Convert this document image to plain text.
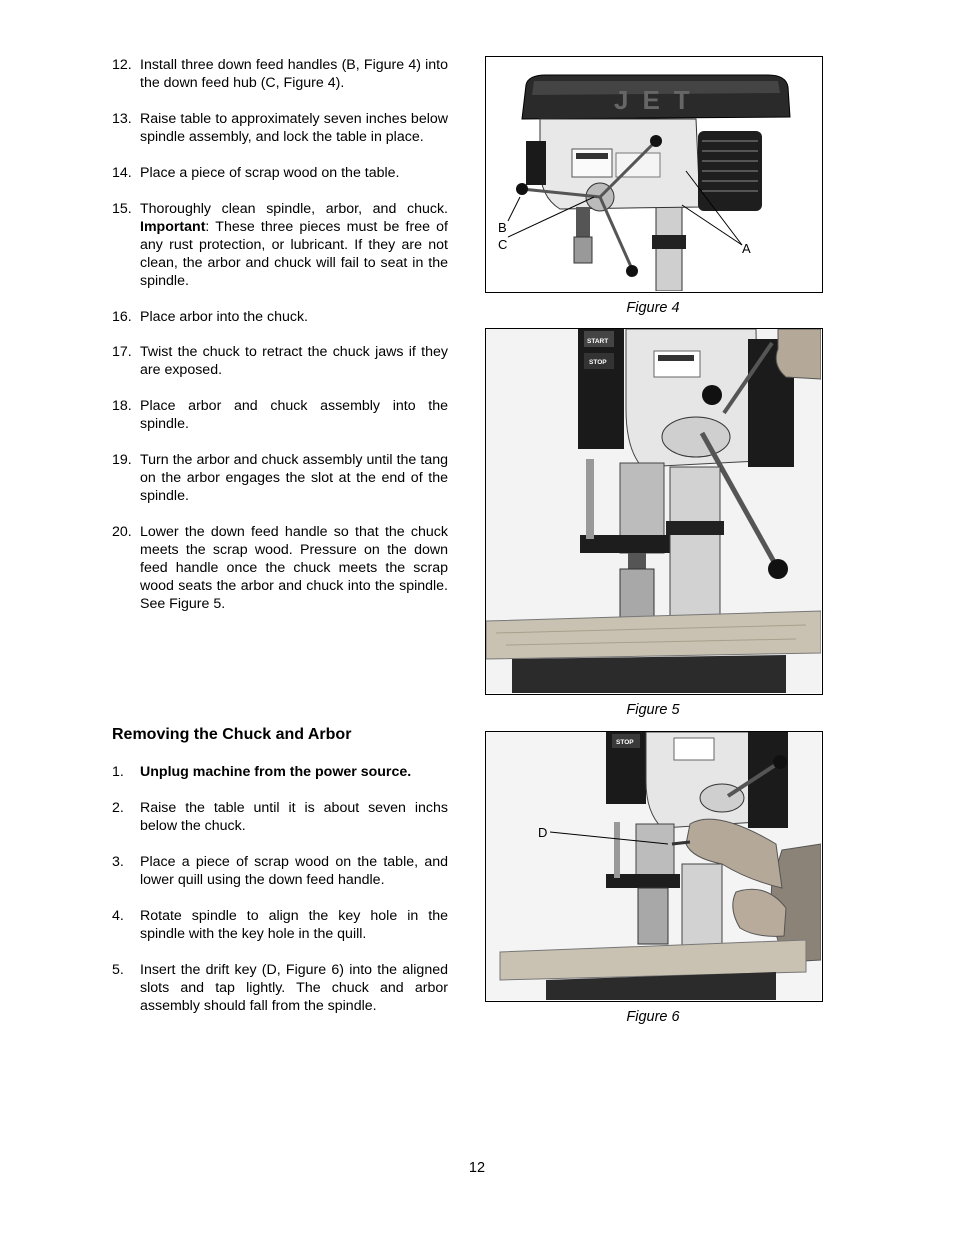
12. Install three down feed handles (B, Figure 4) into the down feed hub (C, Figure 4).
13. Raise table to approximately seven inches below spindle assembly, and lock the table in place.
14. Place a piece of scrap wood on the table.
15. Thoroughly clean spindle, arbor, and chuck. Important: These three pieces must be free of any rust protection, or lubricant. If they are not clean, the arbor and chuck will fail to seat in the spindle.
16. Place arbor into the chuck.
17. Twist the chuck to retract the chuck jaws if they are exposed.
18. Place arbor and chuck assembly into the spindle.
19. Turn the arbor and chuck assembly until the tang on the arbor engages the slot at the end of the spindle.
20. Lower the down feed handle so that the chuck meets the scrap wood. Pressure on the down feed handle once the chuck meets the scrap wood seats the arbor and chuck into the spindle. See Figure 5.
Removing the Chuck and Arbor
1. Unplug machine from the power source.
2. Raise the table until it is about seven inchs below the chuck.
3. Place a piece of scrap wood on the table, and lower quill using the down feed handle.
4. Rotate spindle to align the key hole in the spindle with the key hole in the quill.
5. Insert the drift key (D, Figure 6) into the aligned slots and tap lightly. The chuck and arbor assembly should fall from the spindle.
JET
B
C	A
Figure 4
START
STOP
Figure 5
STOP
D
Figure 6
12
